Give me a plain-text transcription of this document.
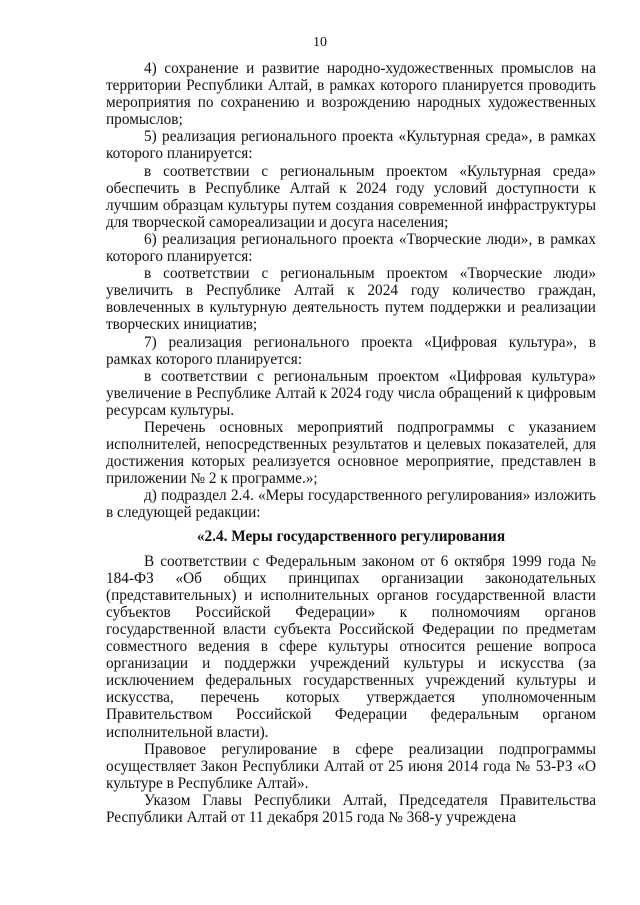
10

4) сохранение и развитие народно-художественных промыслов на территории Республики Алтай, в рамках которого планируется проводить мероприятия по сохранению и возрождению народных художественных промыслов;

5) реализация регионального проекта «Культурная среда», в рамках которого планируется:

в соответствии с региональным проектом «Культурная среда» обеспечить в Республике Алтай к 2024 году условий доступности к лучшим образцам культуры путем создания современной инфраструктуры для творческой самореализации и досуга населения;

6) реализация регионального проекта «Творческие люди», в рамках которого планируется:

в соответствии с региональным проектом «Творческие люди» увеличить в Республике Алтай к 2024 году количество граждан, вовлеченных в культурную деятельность путем поддержки и реализации творческих инициатив;

7) реализация регионального проекта «Цифровая культура», в рамках которого планируется:

в соответствии с региональным проектом «Цифровая культура» увеличение в Республике Алтай к 2024 году числа обращений к цифровым ресурсам культуры.

Перечень основных мероприятий подпрограммы с указанием исполнителей, непосредственных результатов и целевых показателей, для достижения которых реализуется основное мероприятие, представлен в приложении № 2 к программе.»;

д) подраздел 2.4. «Меры государственного регулирования» изложить в следующей редакции:

«2.4. Меры государственного регулирования

В соответствии с Федеральным законом от 6 октября 1999 года № 184-ФЗ «Об общих принципах организации законодательных (представительных) и исполнительных органов государственной власти субъектов Российской Федерации» к полномочиям органов государственной власти субъекта Российской Федерации по предметам совместного ведения в сфере культуры относится решение вопроса организации и поддержки учреждений культуры и искусства (за исключением федеральных государственных учреждений культуры и искусства, перечень которых утверждается уполномоченным Правительством Российской Федерации федеральным органом исполнительной власти).

Правовое регулирование в сфере реализации подпрограммы осуществляет Закон Республики Алтай от 25 июня 2014 года № 53-РЗ «О культуре в Республике Алтай».

Указом Главы Республики Алтай, Председателя Правительства Республики Алтай от 11 декабря 2015 года № 368-у учреждена
